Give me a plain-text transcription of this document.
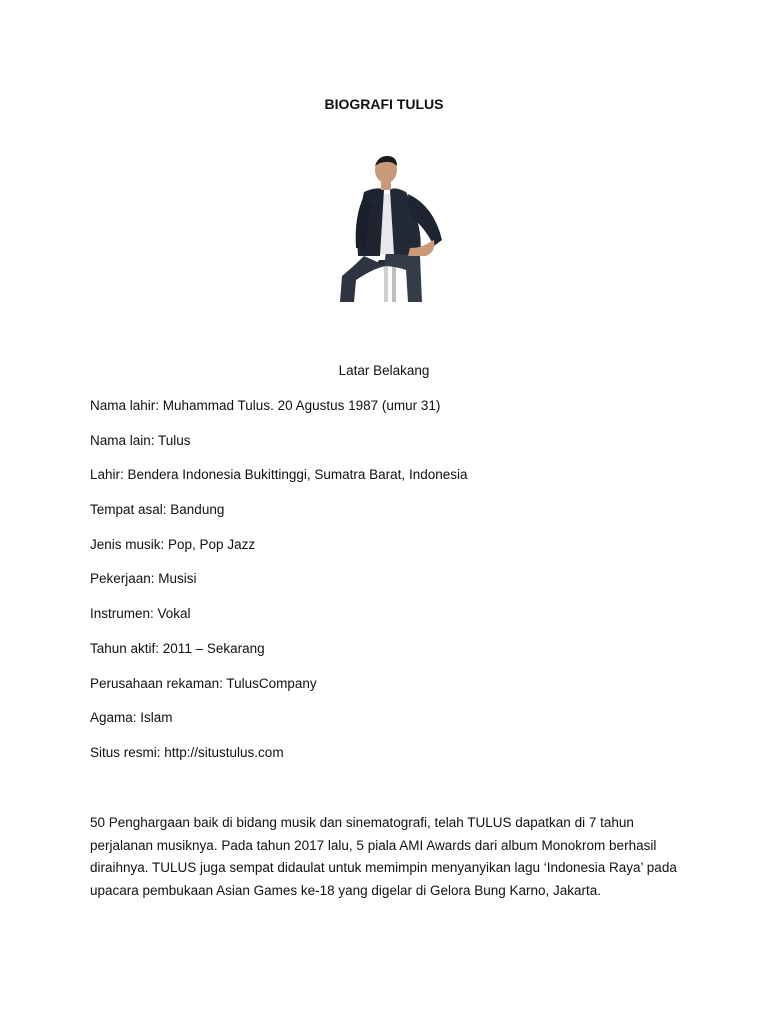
BIOGRAFI TULUS
Latar Belakang
Nama lahir: Muhammad Tulus. 20 Agustus 1987 (umur 31)
Nama lain: Tulus
Lahir: Bendera Indonesia Bukittinggi, Sumatra Barat, Indonesia
Tempat asal: Bandung
Jenis musik: Pop, Pop Jazz
Pekerjaan: Musisi
Instrumen: Vokal
Tahun aktif: 2011 – Sekarang
Perusahaan rekaman: TulusCompany
Agama: Islam
Situs resmi: http://situstulus.com
50 Penghargaan baik di bidang musik dan sinematografi, telah TULUS dapatkan di 7 tahun perjalanan musiknya. Pada tahun 2017 lalu, 5 piala AMI Awards dari album Monokrom berhasil diraihnya. TULUS juga sempat didaulat untuk memimpin menyanyikan lagu ‘Indonesia Raya’ pada upacara pembukaan Asian Games ke-18 yang digelar di Gelora Bung Karno, Jakarta.
